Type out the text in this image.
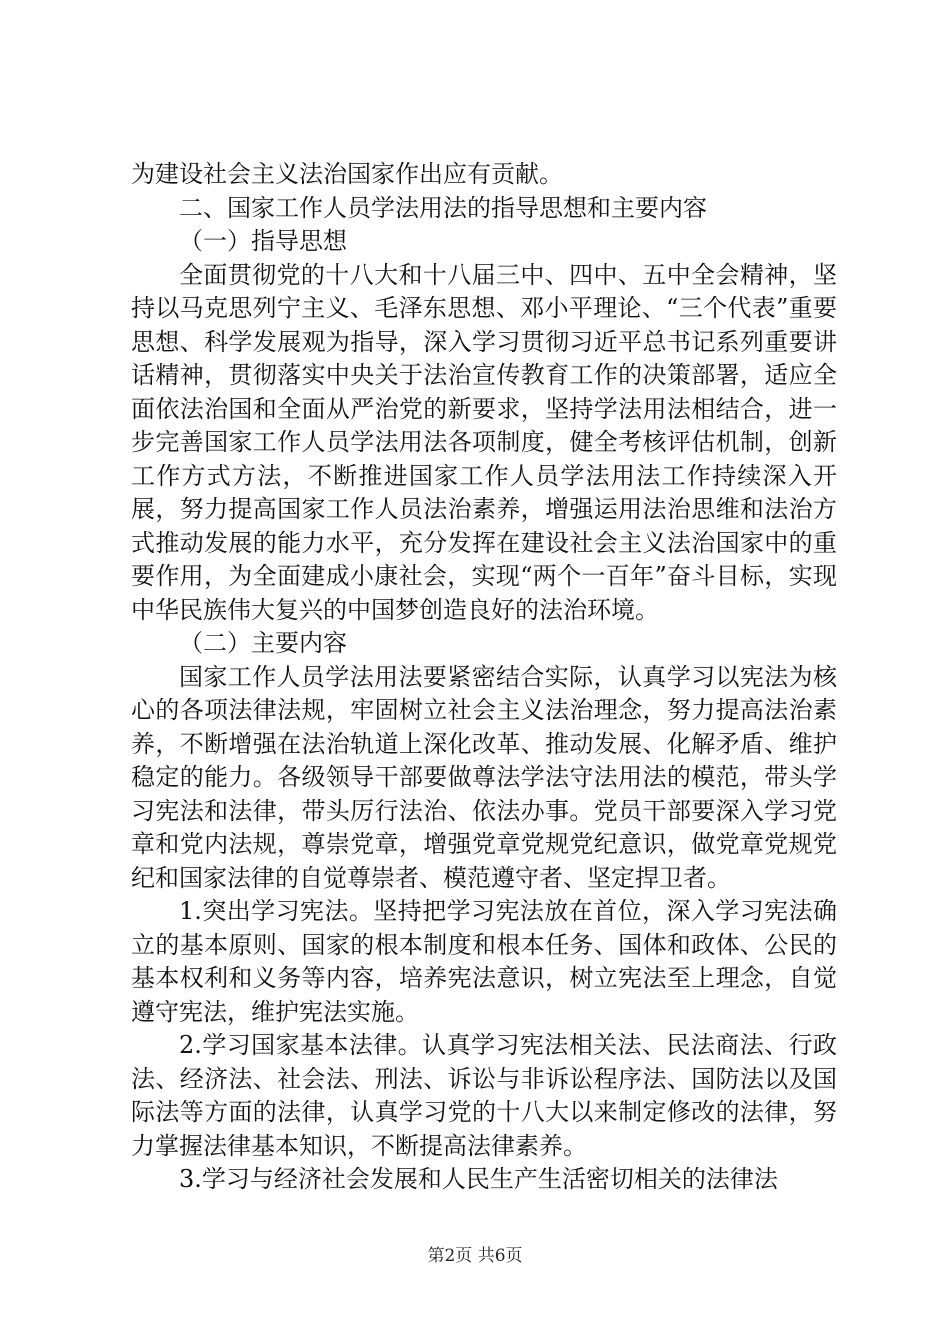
为建设社会主义法治国家作出应有贡献。

二、国家工作人员学法用法的指导思想和主要内容

（一）指导思想

全面贯彻党的十八大和十八届三中、四中、五中全会精神，坚持以马克思列宁主义、毛泽东思想、邓小平理论、“三个代表”重要思想、科学发展观为指导，深入学习贯彻习近平总书记系列重要讲话精神，贯彻落实中央关于法治宣传教育工作的决策部署，适应全面依法治国和全面从严治党的新要求，坚持学法用法相结合，进一步完善国家工作人员学法用法各项制度，健全考核评估机制，创新工作方式方法，不断推进国家工作人员学法用法工作持续深入开展，努力提高国家工作人员法治素养，增强运用法治思维和法治方式推动发展的能力水平，充分发挥在建设社会主义法治国家中的重要作用，为全面建成小康社会，实现“两个一百年”奋斗目标，实现中华民族伟大复兴的中国梦创造良好的法治环境。

（二）主要内容

国家工作人员学法用法要紧密结合实际，认真学习以宪法为核心的各项法律法规，牢固树立社会主义法治理念，努力提高法治素养，不断增强在法治轨道上深化改革、推动发展、化解矛盾、维护稳定的能力。各级领导干部要做尊法学法守法用法的模范，带头学习宪法和法律，带头厉行法治、依法办事。党员干部要深入学习党章和党内法规，尊崇党章，增强党章党规党纪意识，做党章党规党纪和国家法律的自觉尊崇者、模范遵守者、坚定捍卫者。

1.突出学习宪法。坚持把学习宪法放在首位，深入学习宪法确立的基本原则、国家的根本制度和根本任务、国体和政体、公民的基本权利和义务等内容，培养宪法意识，树立宪法至上理念，自觉遵守宪法，维护宪法实施。

2.学习国家基本法律。认真学习宪法相关法、民法商法、行政法、经济法、社会法、刑法、诉讼与非诉讼程序法、国防法以及国际法等方面的法律，认真学习党的十八大以来制定修改的法律，努力掌握法律基本知识，不断提高法律素养。

3.学习与经济社会发展和人民生产生活密切相关的法律法

第2页 共6页
